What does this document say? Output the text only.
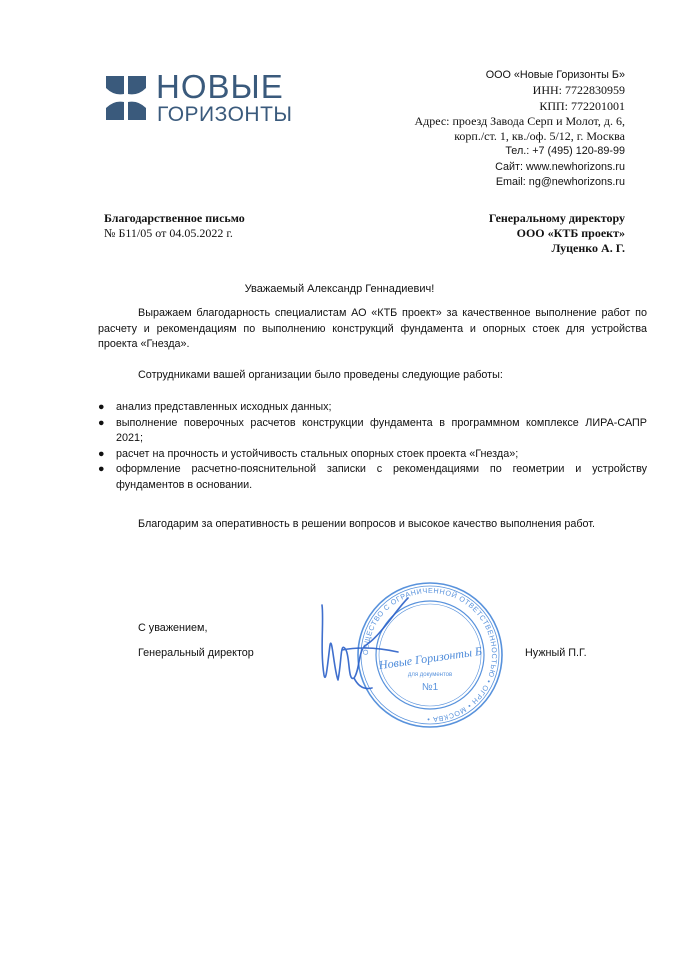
НОВЫЕ
ГОРИЗОНТЫ
ООО «Новые Горизонты Б»
ИНН: 7722830959
КПП: 772201001
Адрес: проезд Завода Серп и Молот, д. 6,
корп./ст. 1, кв./оф. 5/12, г. Москва
Тел.: +7 (495) 120-89-99
Сайт: www.newhorizons.ru
Email: ng@newhorizons.ru
Благодарственное письмо
№ Б11/05 от 04.05.2022 г.
Генеральному директору
ООО «КТБ проект»
Луценко А. Г.
Уважаемый Александр Геннадиевич!
Выражаем благодарность специалистам АО «КТБ проект» за качественное выполнение работ по расчету и рекомендациям по выполнению конструкций фундамента и опорных стоек для устройства проекта «Гнезда».
Сотрудниками вашей организации было проведены следующие работы:
● анализ представленных исходных данных;
● выполнение поверочных расчетов конструкции фундамента в программном комплексе ЛИРА-САПР 2021;
● расчет на прочность и устойчивость стальных опорных стоек проекта «Гнезда»;
● оформление расчетно-пояснительной записки с рекомендациями по геометрии и устройству фундаментов в основании.
Благодарим за оперативность в решении вопросов и высокое качество выполнения работ.
С уважением,
Генеральный директор	Нужный П.Г.
ОБЩЕСТВО С ОГРАНИЧЕННОЙ ОТВЕТСТВЕННОСТЬЮ • ОГРН • МОСКВА •
Новые Горизонты Б
для документов
№1
